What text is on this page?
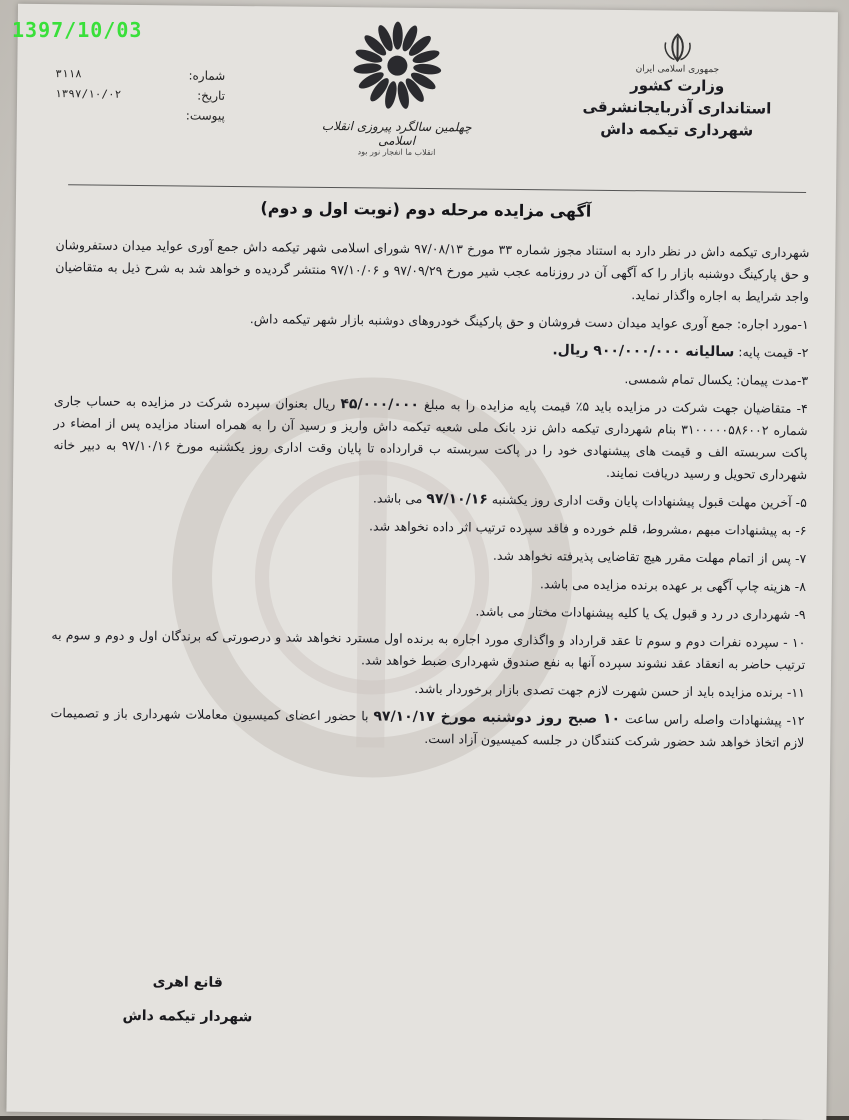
جمهوری اسلامی ایران
وزارت کشور
استانداری آذربایجانشرقی
شهرداری تیکمه داش
چهلمین سالگرد پیروزی انقلاب اسلامی
انقلاب ما انفجار نور بود
شماره:
۳۱۱۸
تاریخ:
۱۳۹۷/۱۰/۰۲
پیوست:
آگهی مزایده مرحله دوم (نوبت اول و دوم)

شهرداری تیکمه داش در نظر دارد به استناد مجوز شماره ۳۳ مورخ ۹۷/۰۸/۱۳ شورای اسلامی شهر تیکمه داش جمع آوری عواید میدان دستفروشان و حق پارکینگ دوشنبه بازار را که آگهی آن در روزنامه عجب شیر مورخ ۹۷/۰۹/۲۹ و ۹۷/۱۰/۰۶ منتشر گردیده و خواهد شد به شرح ذیل به متقاضیان واجد شرایط به اجاره واگذار نماید.

۱-مورد اجاره: جمع آوری عواید میدان دست فروشان و حق پارکینگ خودروهای دوشنبه بازار شهر تیکمه داش.

۲- قیمت پایه: سالیانه ۹۰۰/۰۰۰/۰۰۰ ریال.

۳-مدت پیمان: یکسال تمام شمسی.

۴- متقاضیان جهت شرکت در مزایده باید ۵٪ قیمت پایه مزایده را به مبلغ ۴۵/۰۰۰/۰۰۰ ریال بعنوان سپرده شرکت در مزایده به حساب جاری شماره ۳۱۰۰۰۰۰۵۸۶۰۰۲ بنام شهرداری تیکمه داش نزد بانک ملی شعبه تیکمه داش واریز و رسید آن را به همراه اسناد مزایده پس از امضاء در پاکت سربسته الف و قیمت های پیشنهادی خود را در پاکت سربسته ب قرارداده تا پایان وقت اداری روز یکشنبه مورخ ۹۷/۱۰/۱۶ به دبیر خانه شهرداری تحویل و رسید دریافت نمایند.

۵- آخرین مهلت قبول پیشنهادات پایان وقت اداری روز یکشنبه ۹۷/۱۰/۱۶ می باشد.

۶- به پیشنهادات مبهم ،مشروط، قلم خورده و فاقد سپرده ترتیب اثر داده نخواهد شد.

۷- پس از اتمام مهلت مقرر هیچ تقاضایی پذیرفته نخواهد شد.

۸- هزینه چاپ آگهی بر عهده برنده مزایده می باشد.

۹- شهرداری در رد و قبول یک یا کلیه پیشنهادات مختار می باشد.

۱۰ - سپرده نفرات دوم و سوم تا عقد قرارداد و واگذاری مورد اجاره به برنده اول مسترد نخواهد شد و درصورتی که برندگان اول و دوم و سوم به ترتیب حاضر به انعقاد عقد نشوند سپرده آنها به نفع صندوق شهرداری ضبط خواهد شد.

۱۱- برنده مزایده باید از حسن شهرت لازم جهت تصدی بازار برخوردار باشد.

۱۲- پیشنهادات واصله راس ساعت ۱۰ صبح روز دوشنبه مورخ ۹۷/۱۰/۱۷ با حضور اعضای کمیسیون معاملات شهرداری باز و تصمیمات لازم اتخاذ خواهد شد حضور شرکت کنندگان در جلسه کمیسیون آزاد است.

قانع اهری
شهردار تیکمه داش
1397/10/03
